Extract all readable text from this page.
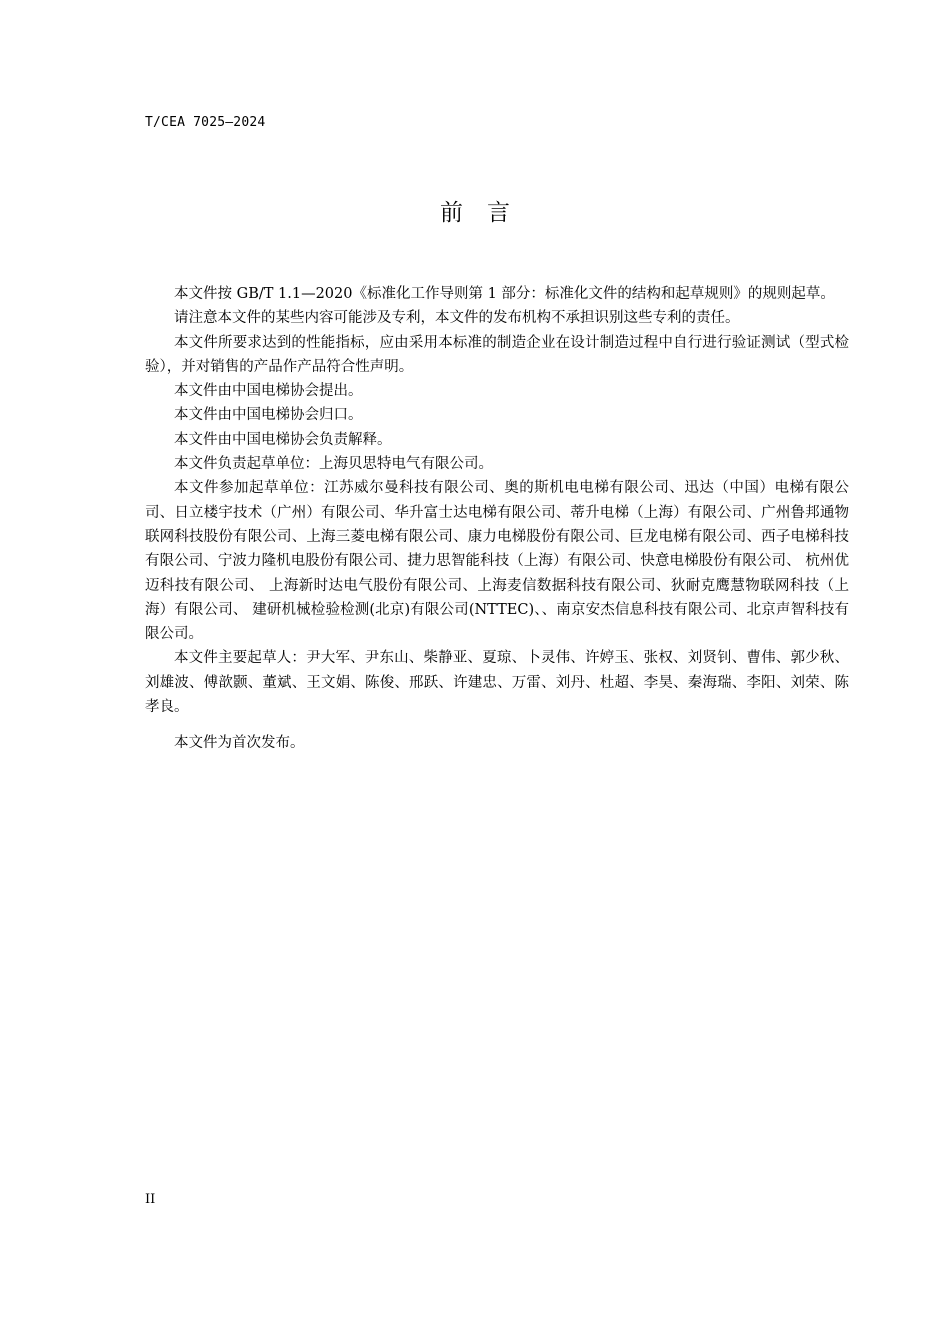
T/CEA 7025—2024
前言

本文件按 GB/T 1.1—2020《标准化工作导则第 1 部分：标准化文件的结构和起草规则》的规则起草。

请注意本文件的某些内容可能涉及专利，本文件的发布机构不承担识别这些专利的责任。

本文件所要求达到的性能指标，应由采用本标准的制造企业在设计制造过程中自行进行验证测试（型式检验），并对销售的产品作产品符合性声明。

本文件由中国电梯协会提出。

本文件由中国电梯协会归口。

本文件由中国电梯协会负责解释。

本文件负责起草单位：上海贝思特电气有限公司。

本文件参加起草单位：江苏威尔曼科技有限公司、奥的斯机电电梯有限公司、迅达（中国）电梯有限公司、日立楼宇技术（广州）有限公司、华升富士达电梯有限公司、蒂升电梯（上海）有限公司、广州鲁邦通物联网科技股份有限公司、上海三菱电梯有限公司、康力电梯股份有限公司、巨龙电梯有限公司、西子电梯科技有限公司、宁波力隆机电股份有限公司、捷力思智能科技（上海）有限公司、快意电梯股份有限公司、 杭州优迈科技有限公司、 上海新时达电气股份有限公司、上海麦信数据科技有限公司、狄耐克鹰慧物联网科技（上海）有限公司、 建研机械检验检测(北京)有限公司(NTTEC)、、南京安杰信息科技有限公司、北京声智科技有限公司。

本文件主要起草人：尹大军、尹东山、柴静亚、夏琼、卜灵伟、许婷玉、张权、刘贤钊、曹伟、郭少秋、刘雄波、傅歆颢、董斌、王文娟、陈俊、邢跃、许建忠、万雷、刘丹、杜超、李昊、秦海瑞、李阳、刘荣、陈孝良。

本文件为首次发布。

II
